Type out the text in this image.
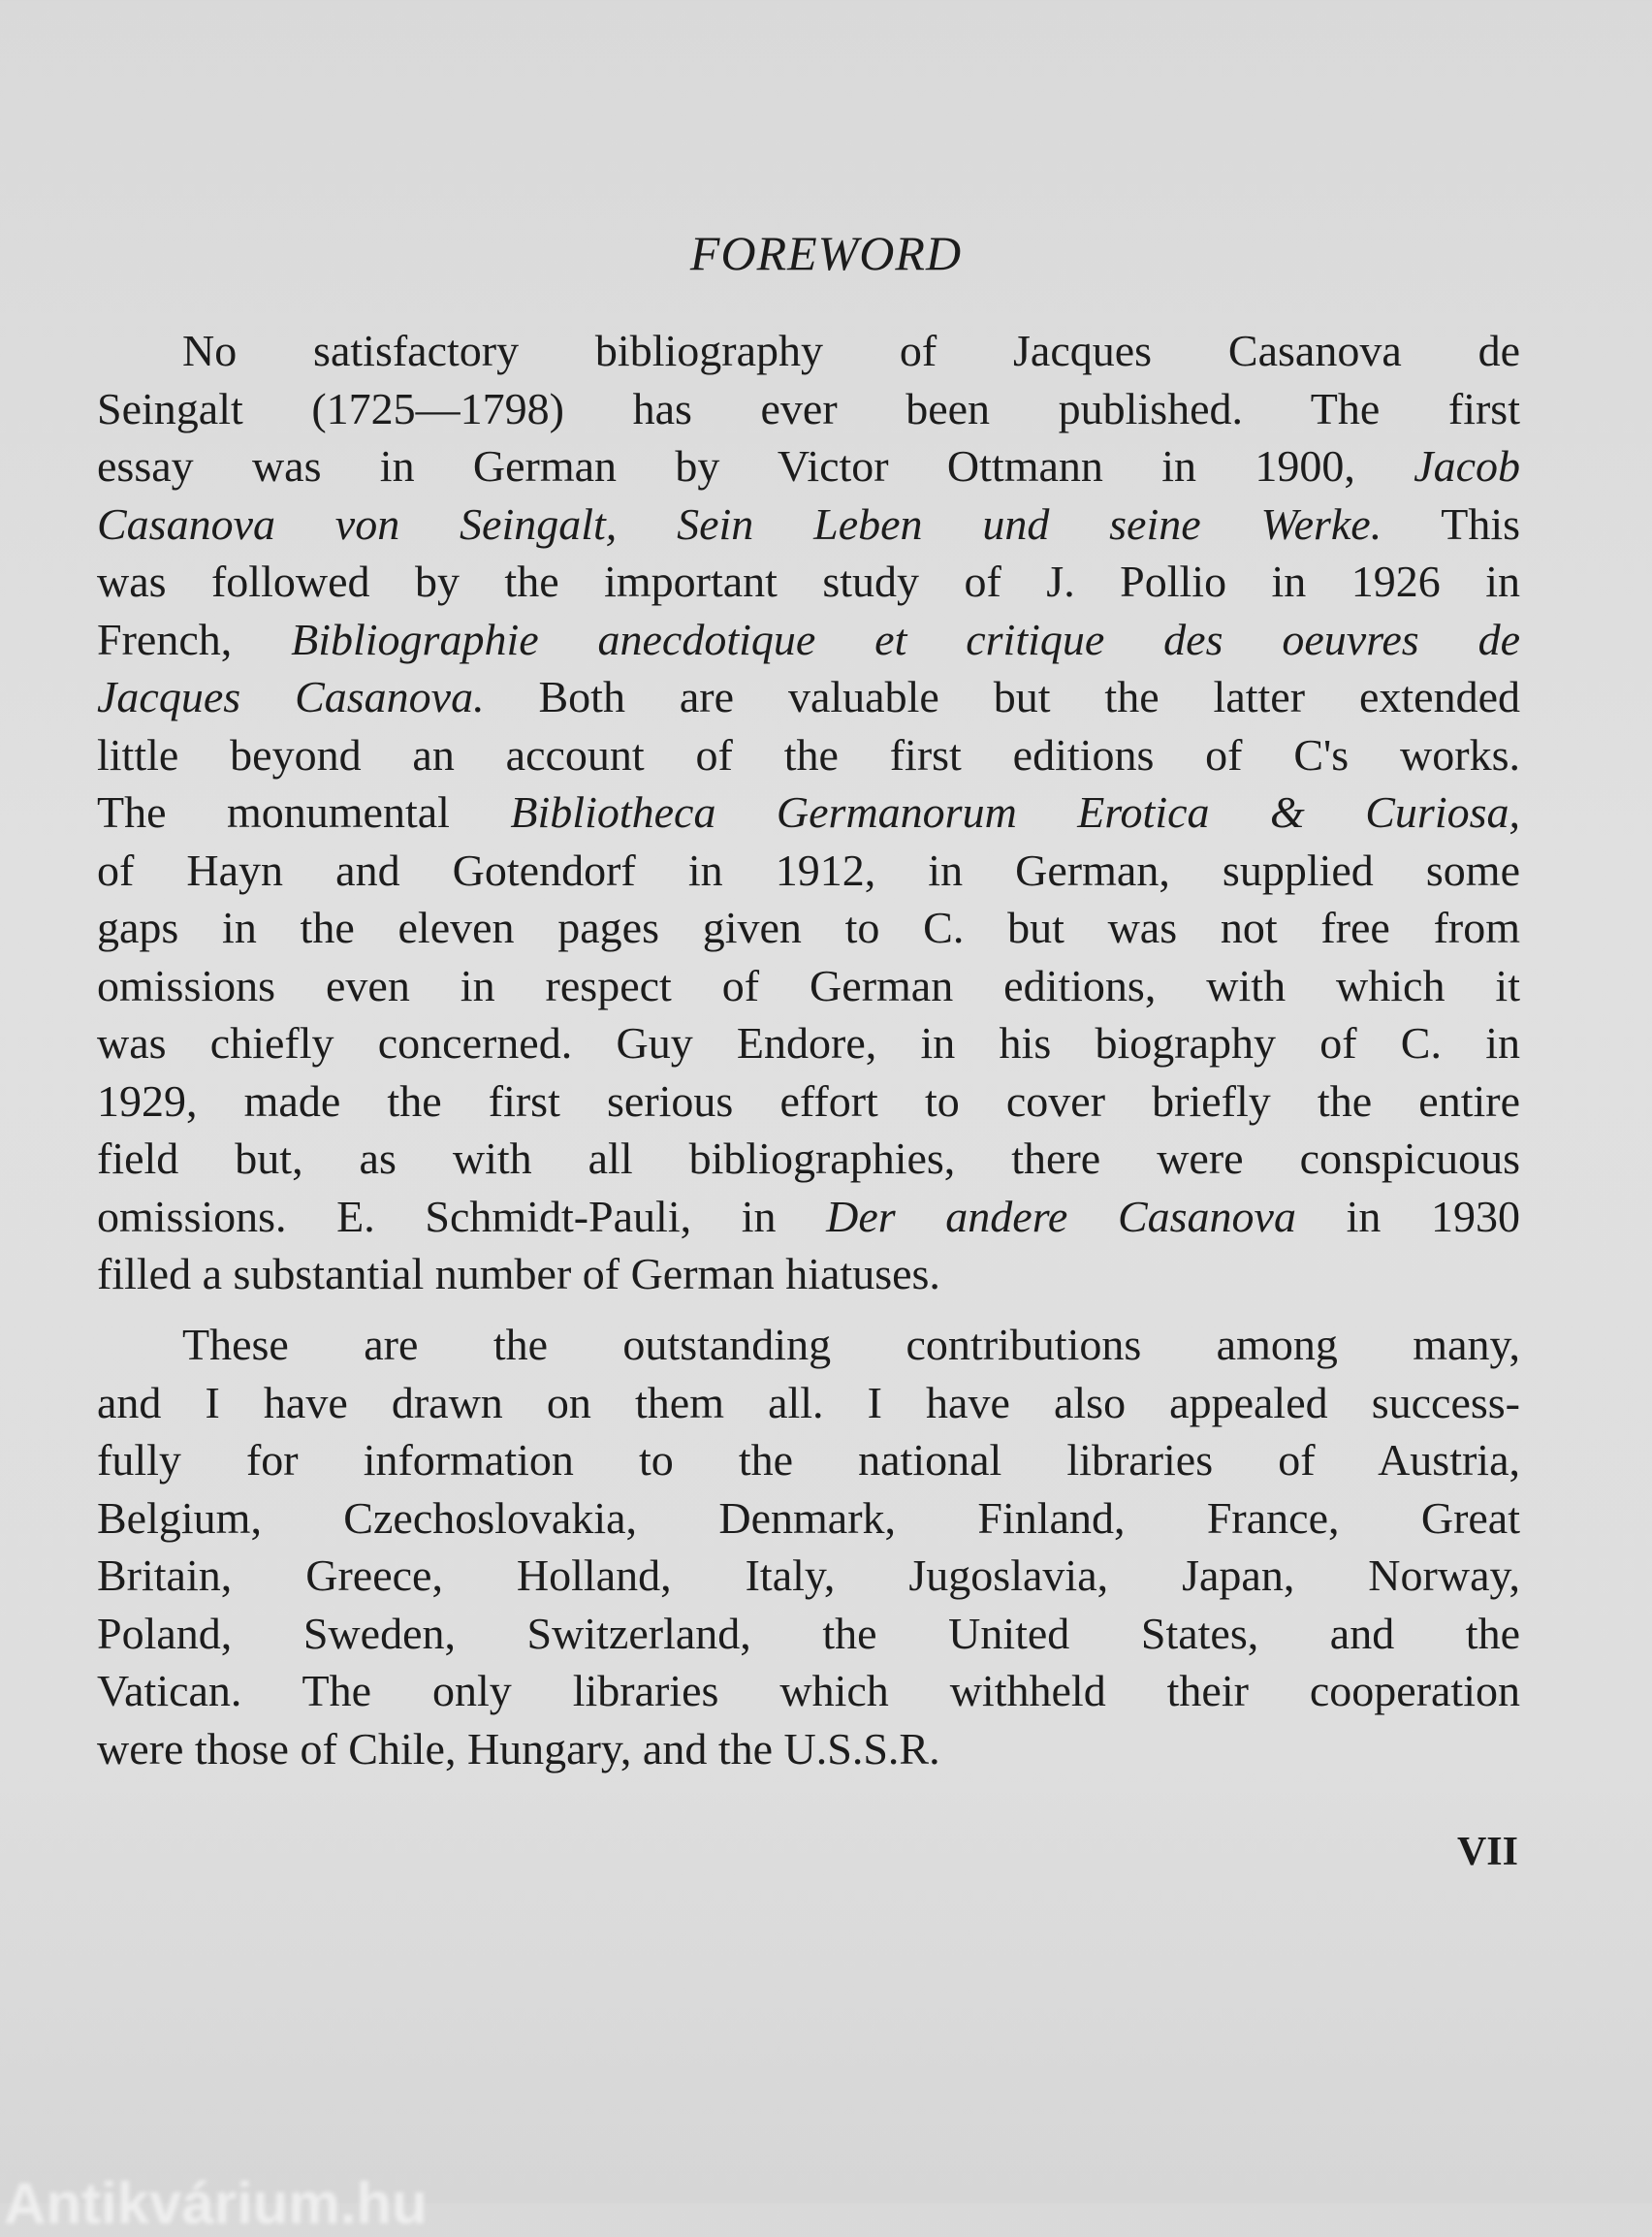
FOREWORD
No satisfactory bibliography of Jacques Casanova de
Seingalt (1725—1798) has ever been published. The first
essay was in German by Victor Ottmann in 1900, Jacob
Casanova von Seingalt, Sein Leben und seine Werke. This
was followed by the important study of J. Pollio in 1926 in
French, Bibliographie anecdotique et critique des oeuvres de
Jacques Casanova. Both are valuable but the latter extended
little beyond an account of the first editions of C's works.
The monumental Bibliotheca Germanorum Erotica & Curiosa,
of Hayn and Gotendorf in 1912, in German, supplied some
gaps in the eleven pages given to C. but was not free from
omissions even in respect of German editions, with which it
was chiefly concerned. Guy Endore, in his biography of C. in
1929, made the first serious effort to cover briefly the entire
field but, as with all bibliographies, there were conspicuous
omissions. E. Schmidt-Pauli, in Der andere Casanova in 1930
filled a substantial number of German hiatuses.
These are the outstanding contributions among many,
and I have drawn on them all. I have also appealed success-
fully for information to the national libraries of Austria,
Belgium, Czechoslovakia, Denmark, Finland, France, Great
Britain, Greece, Holland, Italy, Jugoslavia, Japan, Norway,
Poland, Sweden, Switzerland, the United States, and the
Vatican. The only libraries which withheld their cooperation
were those of Chile, Hungary, and the U.S.S.R.
VII
Antikvárium.hu
